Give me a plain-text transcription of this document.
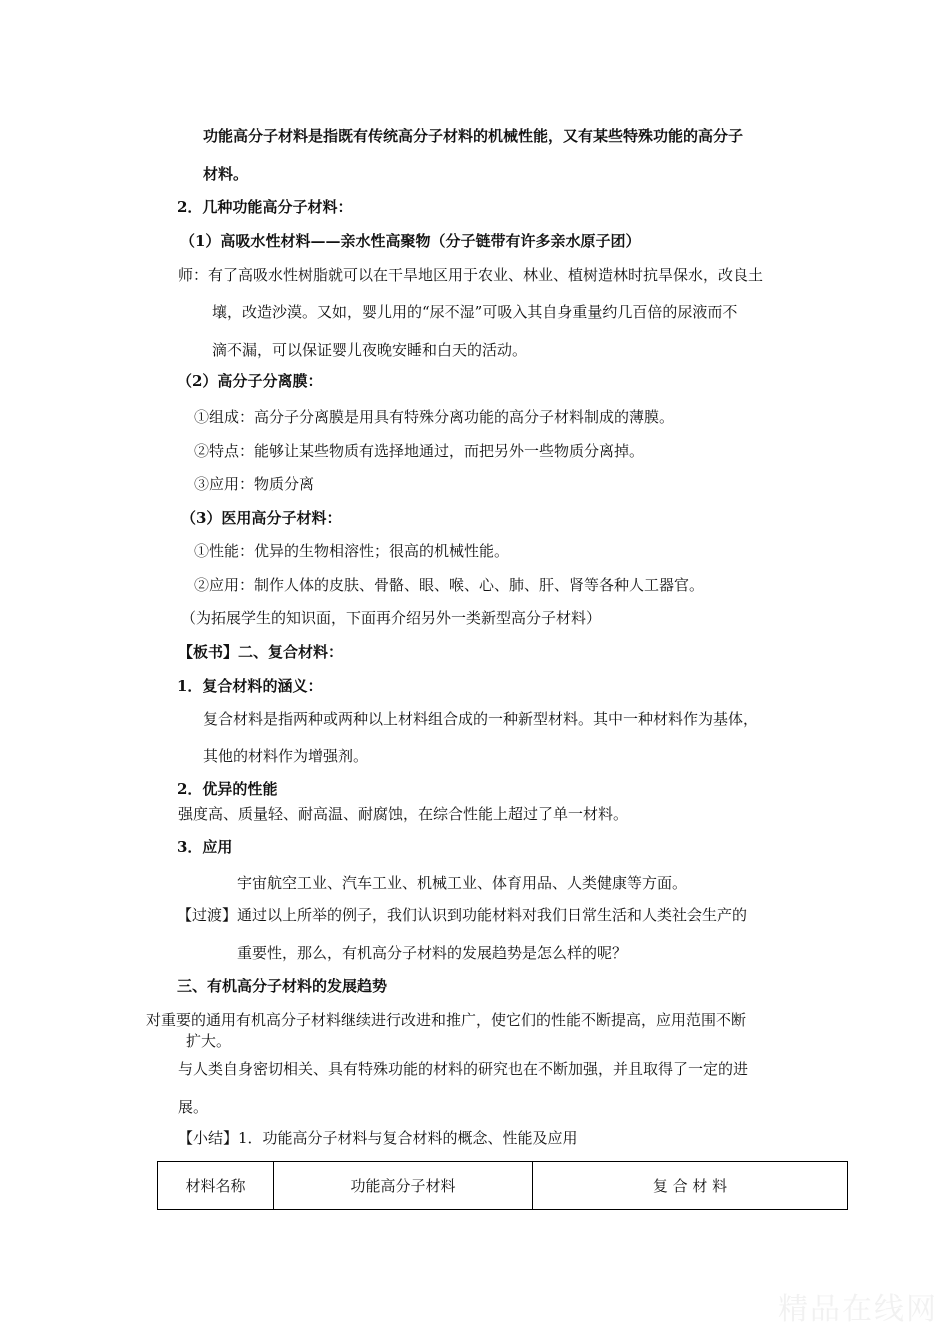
功能高分子材料是指既有传统高分子材料的机械性能，又有某些特殊功能的高分子
材料。
2．几种功能高分子材料：
（1）高吸水性材料——亲水性高聚物（分子链带有许多亲水原子团）
师：有了高吸水性树脂就可以在干旱地区用于农业、林业、植树造林时抗旱保水，改良土
壤，改造沙漠。又如，婴儿用的“尿不湿”可吸入其自身重量约几百倍的尿液而不
滴不漏，可以保证婴儿夜晚安睡和白天的活动。
（2）高分子分离膜：
①组成：高分子分离膜是用具有特殊分离功能的高分子材料制成的薄膜。
②特点：能够让某些物质有选择地通过，而把另外一些物质分离掉。
③应用：物质分离
（3）医用高分子材料：
①性能：优异的生物相溶性；很高的机械性能。
②应用：制作人体的皮肤、骨骼、眼、喉、心、肺、肝、肾等各种人工器官。
（为拓展学生的知识面，下面再介绍另外一类新型高分子材料）
【板书】二、复合材料：
1．复合材料的涵义：
复合材料是指两种或两种以上材料组合成的一种新型材料。其中一种材料作为基体，
其他的材料作为增强剂。
2．优异的性能
强度高、质量轻、耐高温、耐腐蚀，在综合性能上超过了单一材料。
3．应用
宇宙航空工业、汽车工业、机械工业、体育用品、人类健康等方面。
【过渡】通过以上所举的例子，我们认识到功能材料对我们日常生活和人类社会生产的
重要性，那么，有机高分子材料的发展趋势是怎么样的呢？
三、有机高分子材料的发展趋势
对重要的通用有机高分子材料继续进行改进和推广，使它们的性能不断提高，应用范围不断
扩大。
与人类自身密切相关、具有特殊功能的材料的研究也在不断加强，并且取得了一定的进
展。
【小结】1．功能高分子材料与复合材料的概念、性能及应用
材料名称	功能高分子材料	复 合 材 料
精品在线网
